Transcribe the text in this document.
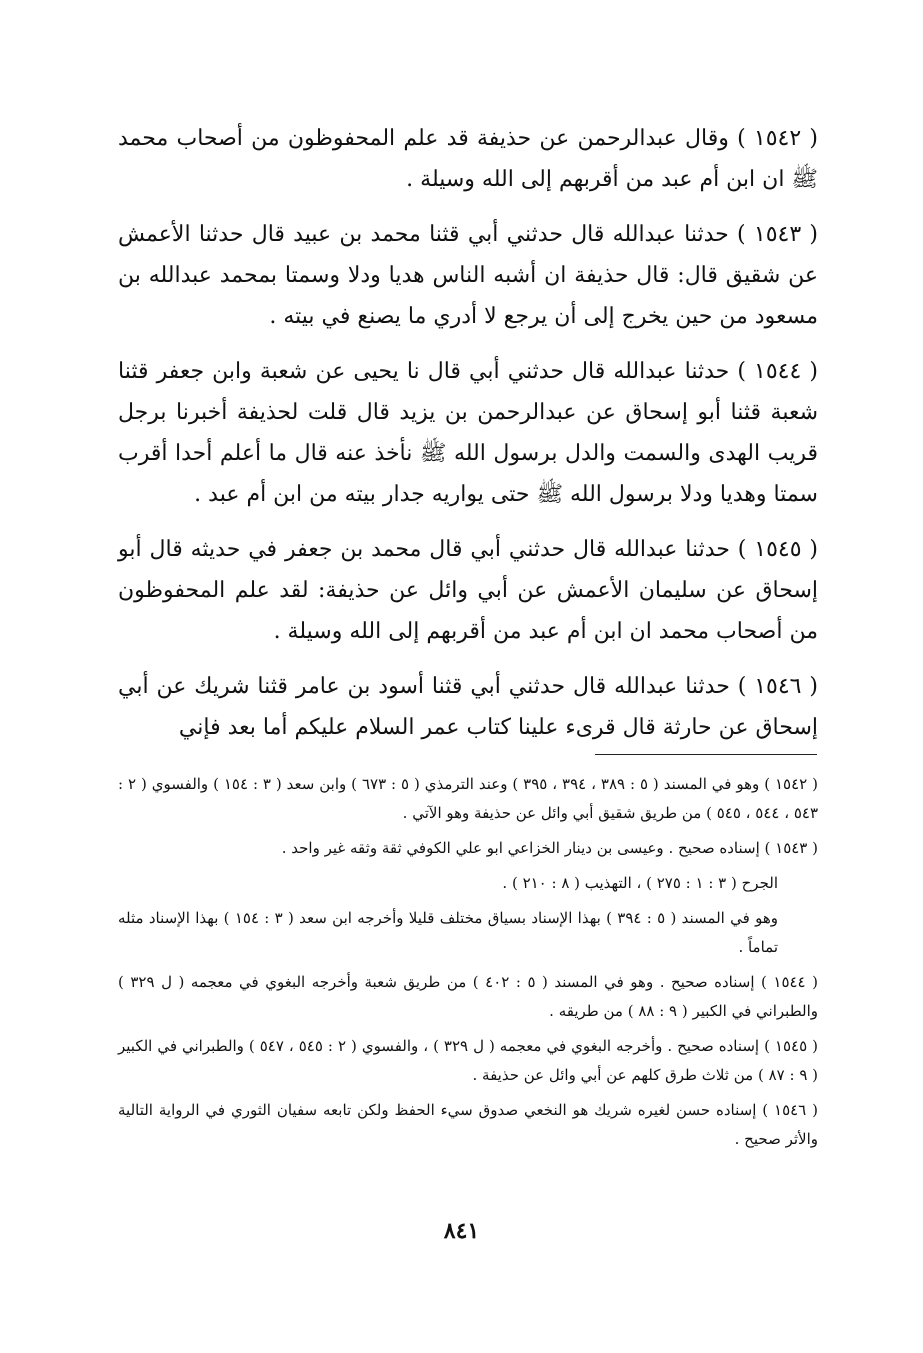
( ١٥٤٢ ) وقال عبدالرحمن عن حذيفة قد علم المحفوظون من أصحاب محمد ﷺ ان ابن أم عبد من أقربهم إلى الله وسيلة .

( ١٥٤٣ ) حدثنا عبدالله قال حدثني أبي قثنا محمد بن عبيد قال حدثنا الأعمش عن شقيق قال: قال حذيفة ان أشبه الناس هديا ودلا وسمتا بمحمد عبدالله بن مسعود من حين يخرج إلى أن يرجع لا أدري ما يصنع في بيته .

( ١٥٤٤ ) حدثنا عبدالله قال حدثني أبي قال نا يحيى عن شعبة وابن جعفر قثنا شعبة قثنا أبو إسحاق عن عبدالرحمن بن يزيد قال قلت لحذيفة أخبرنا برجل قريب الهدى والسمت والدل برسول الله ﷺ نأخذ عنه قال ما أعلم أحدا أقرب سمتا وهديا ودلا برسول الله ﷺ حتى يواريه جدار بيته من ابن أم عبد .

( ١٥٤٥ ) حدثنا عبدالله قال حدثني أبي قال محمد بن جعفر في حديثه قال أبو إسحاق عن سليمان الأعمش عن أبي وائل عن حذيفة: لقد علم المحفوظون من أصحاب محمد ان ابن أم عبد من أقربهم إلى الله وسيلة .

( ١٥٤٦ ) حدثنا عبدالله قال حدثني أبي قثنا أسود بن عامر قثنا شريك عن أبي إسحاق عن حارثة قال قرىء علينا كتاب عمر السلام عليكم أما بعد فإني

( ١٥٤٢ ) وهو في المسند ( ٥ : ٣٨٩ ، ٣٩٤ ، ٣٩٥ ) وعند الترمذي ( ٥ : ٦٧٣ ) وابن سعد ( ٣ : ١٥٤ ) والفسوي ( ٢ : ٥٤٣ ، ٥٤٤ ، ٥٤٥ ) من طريق شقيق أبي وائل عن حذيفة وهو الآتي .

( ١٥٤٣ ) إسناده صحيح . وعيسى بن دينار الخزاعي ابو علي الكوفي ثقة وثقه غير واحد .

الجرح ( ٣ : ١ : ٢٧٥ ) ، التهذيب ( ٨ : ٢١٠ ) .

وهو في المسند ( ٥ : ٣٩٤ ) بهذا الإسناد بسياق مختلف قليلا وأخرجه ابن سعد ( ٣ : ١٥٤ ) بهذا الإسناد مثله تماماً .

( ١٥٤٤ ) إسناده صحيح . وهو في المسند ( ٥ : ٤٠٢ ) من طريق شعبة وأخرجه البغوي في معجمه ( ل ٣٢٩ ) والطبراني في الكبير ( ٩ : ٨٨ ) من طريقه .

( ١٥٤٥ ) إسناده صحيح . وأخرجه البغوي في معجمه ( ل ٣٢٩ ) ، والفسوي ( ٢ : ٥٤٥ ، ٥٤٧ ) والطبراني في الكبير ( ٩ : ٨٧ ) من ثلاث طرق كلهم عن أبي وائل عن حذيفة .

( ١٥٤٦ ) إسناده حسن لغيره شريك هو النخعي صدوق سيء الحفظ ولكن تابعه سفيان الثوري في الرواية التالية والأثر صحيح .

٨٤١
